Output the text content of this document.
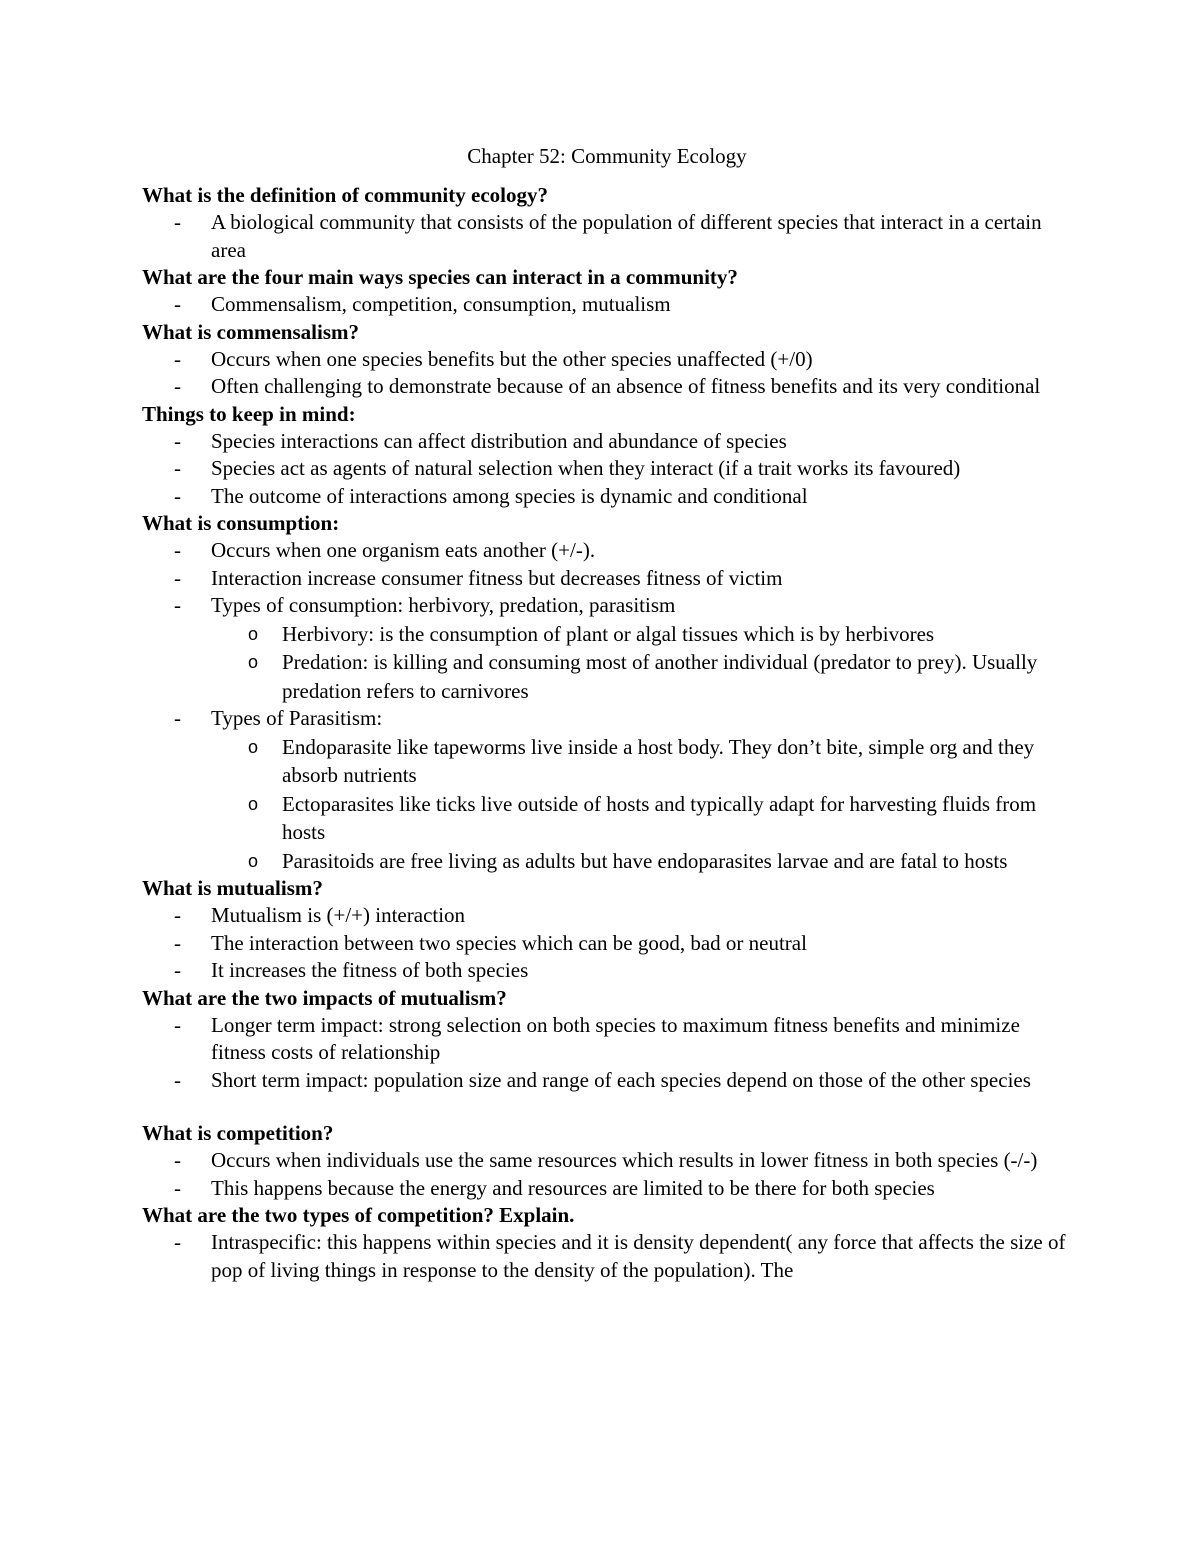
Chapter 52: Community Ecology
What is the definition of community ecology?
- A biological community that consists of the population of different species that interact in a certain area
What are the four main ways species can interact in a community?
- Commensalism, competition, consumption, mutualism
What is commensalism?
- Occurs when one species benefits but the other species unaffected (+/0)
- Often challenging to demonstrate because of an absence of fitness benefits and its very conditional
Things to keep in mind:
- Species interactions can affect distribution and abundance of species
- Species act as agents of natural selection when they interact (if a trait works its favoured)
- The outcome of interactions among species is dynamic and conditional
What is consumption:
- Occurs when one organism eats another (+/-).
- Interaction increase consumer fitness but decreases fitness of victim
- Types of consumption: herbivory, predation, parasitism
o Herbivory: is the consumption of plant or algal tissues which is by herbivores
o Predation: is killing and consuming most of another individual (predator to prey). Usually predation refers to carnivores
- Types of Parasitism:
o Endoparasite like tapeworms live inside a host body. They don’t bite, simple org and they absorb nutrients
o Ectoparasites like ticks live outside of hosts and typically adapt for harvesting fluids from hosts
o Parasitoids are free living as adults but have endoparasites larvae and are fatal to hosts
What is mutualism?
- Mutualism is (+/+) interaction
- The interaction between two species which can be good, bad or neutral
- It increases the fitness of both species
What are the two impacts of mutualism?
- Longer term impact: strong selection on both species to maximum fitness benefits and minimize fitness costs of relationship
- Short term impact: population size and range of each species depend on those of the other species
What is competition?
- Occurs when individuals use the same resources which results in lower fitness in both species (-/-)
- This happens because the energy and resources are limited to be there for both species
What are the two types of competition? Explain.
- Intraspecific: this happens within species and it is density dependent( any force that affects the size of pop of living things in response to the density of the population). The
